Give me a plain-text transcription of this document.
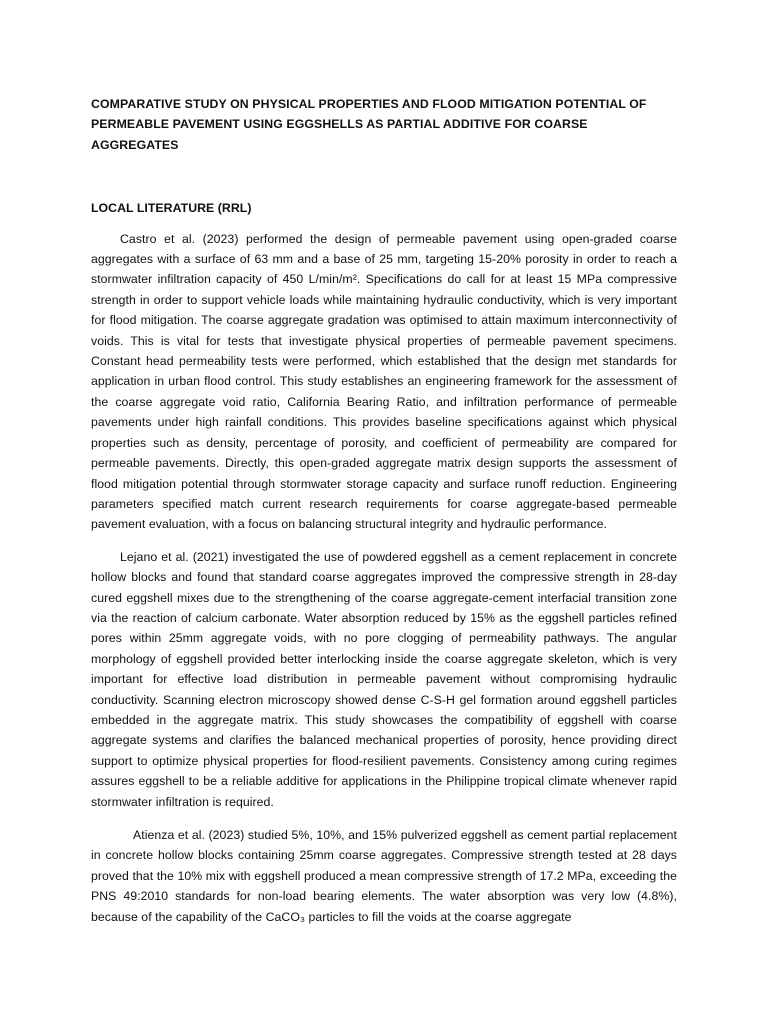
COMPARATIVE STUDY ON PHYSICAL PROPERTIES AND FLOOD MITIGATION POTENTIAL OF PERMEABLE PAVEMENT USING EGGSHELLS AS PARTIAL ADDITIVE FOR COARSE AGGREGATES

LOCAL LITERATURE (RRL)

Castro et al. (2023) performed the design of permeable pavement using open-graded coarse aggregates with a surface of 63 mm and a base of 25 mm, targeting 15-20% porosity in order to reach a stormwater infiltration capacity of 450 L/min/m². Specifications do call for at least 15 MPa compressive strength in order to support vehicle loads while maintaining hydraulic conductivity, which is very important for flood mitigation. The coarse aggregate gradation was optimised to attain maximum interconnectivity of voids. This is vital for tests that investigate physical properties of permeable pavement specimens. Constant head permeability tests were performed, which established that the design met standards for application in urban flood control. This study establishes an engineering framework for the assessment of the coarse aggregate void ratio, California Bearing Ratio, and infiltration performance of permeable pavements under high rainfall conditions. This provides baseline specifications against which physical properties such as density, percentage of porosity, and coefficient of permeability are compared for permeable pavements. Directly, this open-graded aggregate matrix design supports the assessment of flood mitigation potential through stormwater storage capacity and surface runoff reduction. Engineering parameters specified match current research requirements for coarse aggregate-based permeable pavement evaluation, with a focus on balancing structural integrity and hydraulic performance.

Lejano et al. (2021) investigated the use of powdered eggshell as a cement replacement in concrete hollow blocks and found that standard coarse aggregates improved the compressive strength in 28-day cured eggshell mixes due to the strengthening of the coarse aggregate-cement interfacial transition zone via the reaction of calcium carbonate. Water absorption reduced by 15% as the eggshell particles refined pores within 25mm aggregate voids, with no pore clogging of permeability pathways. The angular morphology of eggshell provided better interlocking inside the coarse aggregate skeleton, which is very important for effective load distribution in permeable pavement without compromising hydraulic conductivity. Scanning electron microscopy showed dense C-S-H gel formation around eggshell particles embedded in the aggregate matrix. This study showcases the compatibility of eggshell with coarse aggregate systems and clarifies the balanced mechanical properties of porosity, hence providing direct support to optimize physical properties for flood-resilient pavements. Consistency among curing regimes assures eggshell to be a reliable additive for applications in the Philippine tropical climate whenever rapid stormwater infiltration is required.

Atienza et al. (2023) studied 5%, 10%, and 15% pulverized eggshell as cement partial replacement in concrete hollow blocks containing 25mm coarse aggregates. Compressive strength tested at 28 days proved that the 10% mix with eggshell produced a mean compressive strength of 17.2 MPa, exceeding the PNS 49:2010 standards for non-load bearing elements. The water absorption was very low (4.8%), because of the capability of the CaCO₃ particles to fill the voids at the coarse aggregate
